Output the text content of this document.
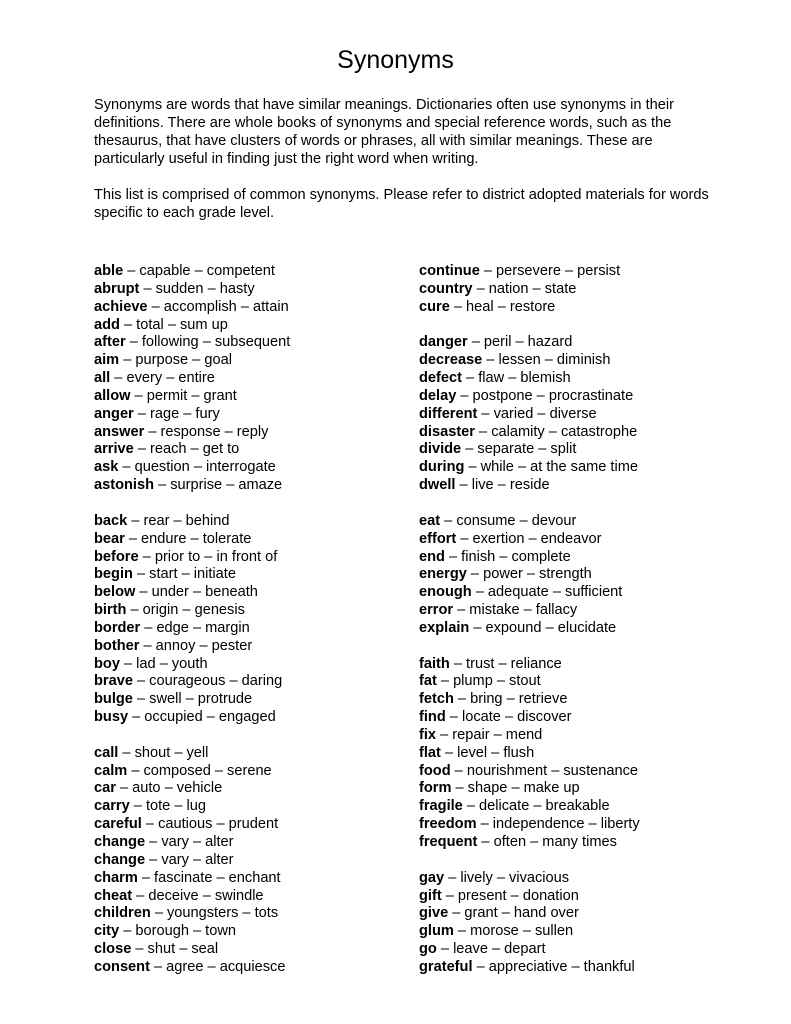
Synonyms

Synonyms are words that have similar meanings. Dictionaries often use synonyms in their definitions. There are whole books of synonyms and special reference words, such as the thesaurus, that have clusters of words or phrases, all with similar meanings. These are particularly useful in finding just the right word when writing.

This list is comprised of common synonyms. Please refer to district adopted materials for words specific to each grade level.

able – capable – competent
abrupt – sudden – hasty
achieve – accomplish – attain
add – total – sum up
after – following – subsequent
aim – purpose – goal
all – every – entire
allow – permit – grant
anger – rage – fury
answer – response – reply
arrive – reach – get to
ask – question – interrogate
astonish – surprise – amaze
back – rear – behind
bear – endure – tolerate
before – prior to – in front of
begin – start – initiate
below – under – beneath
birth – origin – genesis
border – edge – margin
bother – annoy – pester
boy – lad – youth
brave – courageous – daring
bulge – swell – protrude
busy – occupied – engaged
call – shout – yell
calm – composed – serene
car – auto – vehicle
carry – tote – lug
careful – cautious – prudent
change – vary – alter
change – vary – alter
charm – fascinate – enchant
cheat – deceive – swindle
children – youngsters – tots
city – borough – town
close – shut – seal
consent – agree – acquiesce
continue – persevere – persist
country – nation – state
cure – heal – restore
danger – peril – hazard
decrease – lessen – diminish
defect – flaw – blemish
delay – postpone – procrastinate
different – varied – diverse
disaster – calamity – catastrophe
divide – separate – split
during – while – at the same time
dwell – live – reside
eat – consume – devour
effort – exertion – endeavor
end – finish – complete
energy – power – strength
enough – adequate – sufficient
error – mistake – fallacy
explain – expound – elucidate
faith – trust – reliance
fat – plump – stout
fetch – bring – retrieve
find – locate – discover
fix – repair – mend
flat – level – flush
food – nourishment – sustenance
form – shape – make up
fragile – delicate – breakable
freedom – independence – liberty
frequent – often – many times
gay – lively – vivacious
gift – present – donation
give – grant – hand over
glum – morose – sullen
go – leave – depart
grateful – appreciative – thankful
